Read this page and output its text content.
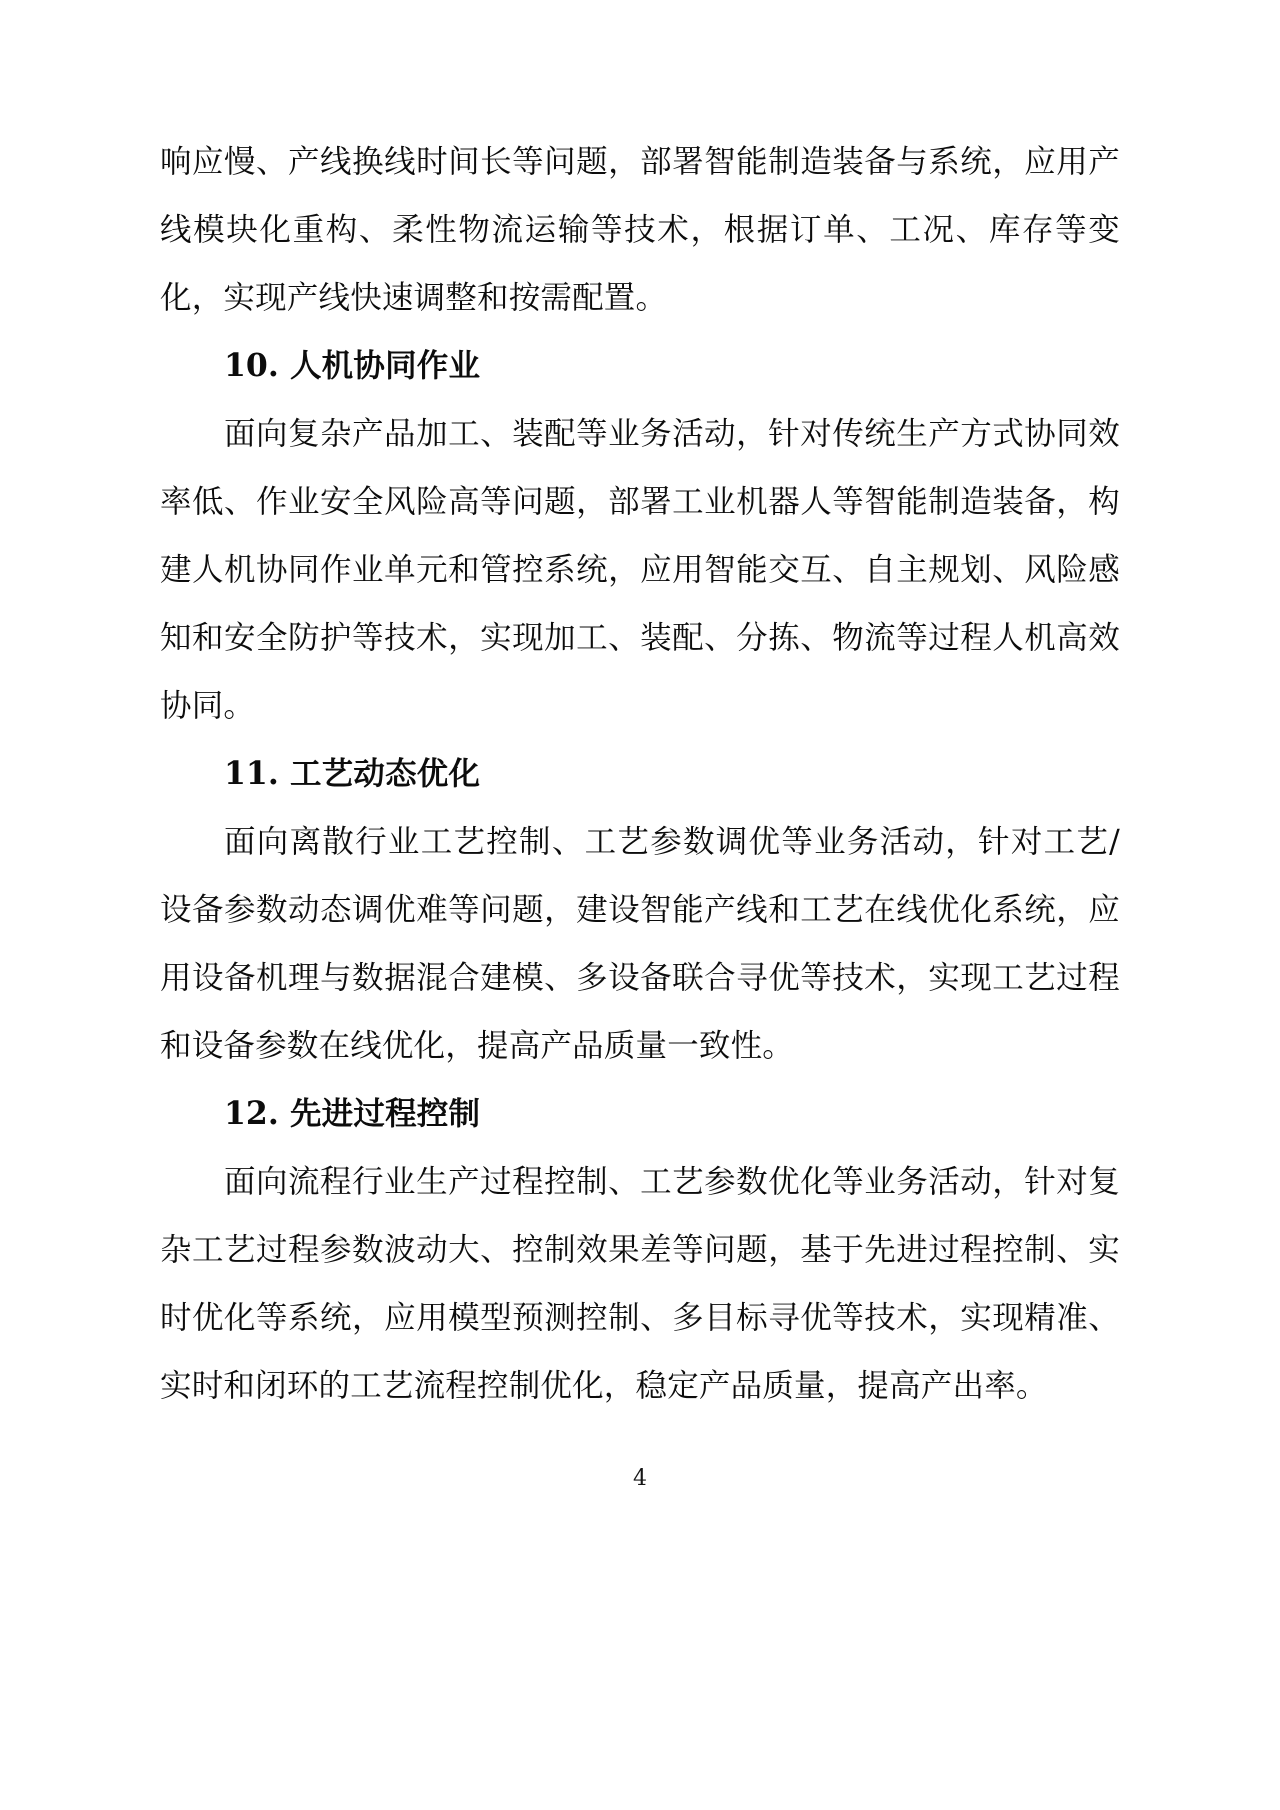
响应慢、产线换线时间长等问题，部署智能制造装备与系统，应用产线模块化重构、柔性物流运输等技术，根据订单、工况、库存等变化，实现产线快速调整和按需配置。

10. 人机协同作业

面向复杂产品加工、装配等业务活动，针对传统生产方式协同效率低、作业安全风险高等问题，部署工业机器人等智能制造装备，构建人机协同作业单元和管控系统，应用智能交互、自主规划、风险感知和安全防护等技术，实现加工、装配、分拣、物流等过程人机高效协同。

11. 工艺动态优化

面向离散行业工艺控制、工艺参数调优等业务活动，针对工艺/设备参数动态调优难等问题，建设智能产线和工艺在线优化系统，应用设备机理与数据混合建模、多设备联合寻优等技术，实现工艺过程和设备参数在线优化，提高产品质量一致性。

12. 先进过程控制

面向流程行业生产过程控制、工艺参数优化等业务活动，针对复杂工艺过程参数波动大、控制效果差等问题，基于先进过程控制、实时优化等系统，应用模型预测控制、多目标寻优等技术，实现精准、实时和闭环的工艺流程控制优化，稳定产品质量，提高产出率。

4
